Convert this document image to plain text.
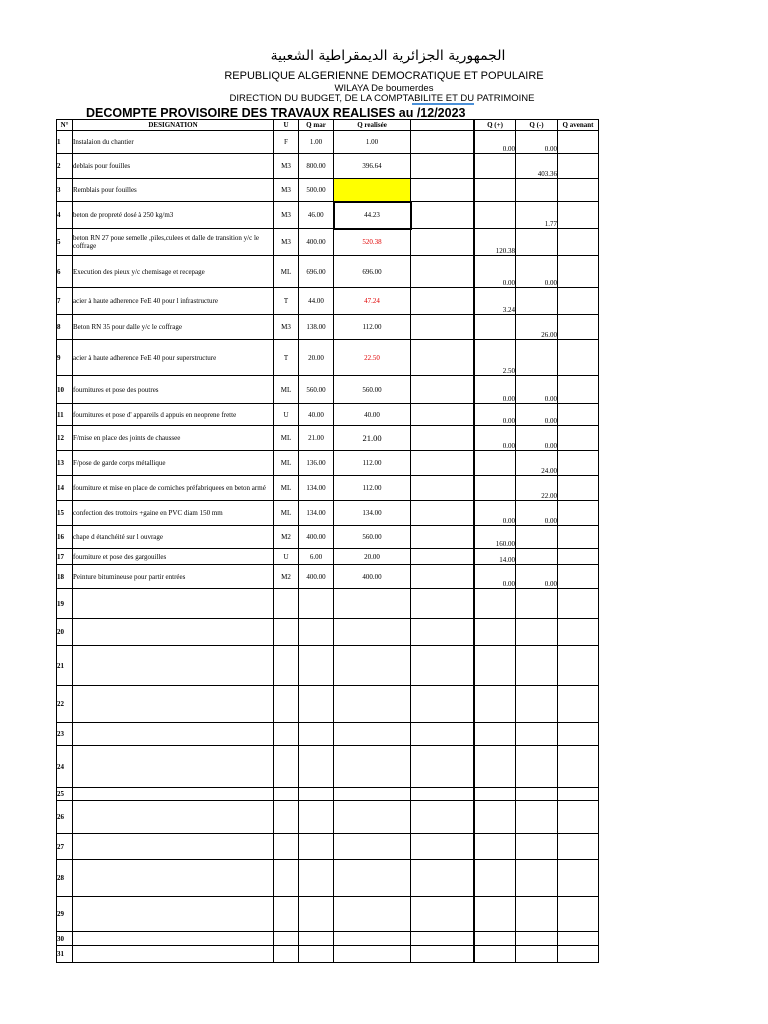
الجمهورية الجزائرية الديمقراطية الشعبية
REPUBLIQUE ALGERIENNE DEMOCRATIQUE ET POPULAIRE
WILAYA De boumerdes
DIRECTION DU BUDGET, DE LA COMPTABILITE ET DU PATRIMOINE
DECOMPTE PROVISOIRE DES TRAVAUX REALISES au /12/2023
N°	DESIGNATION	U	Q mar	Q realisée			Q (+)	Q (-)	Q avenant
1	Instalaion du chantier	F	1.00	1.00			0.00	0.00	
2	deblais pour fouilles	M3	800.00	396.64				403.36	
3	Remblais pour fouilles	M3	500.00						
4	beton de propreté dosé à 250 kg/m3	M3	46.00	44.23				1.77	
5	beton RN 27 poue semelle ,piles,culees et dalle de transition y/c le coffrage	M3	400.00	520.38			120.38		
6	Execution des pieux y/c chemisage et recepage	ML	696.00	696.00			0.00	0.00	
7	acier à haute adherence FeE 40 pour l infrastructure	T	44.00	47.24			3.24		
8	Beton RN 35 pour dalle y/c le coffrage	M3	138.00	112.00				26.00	
9	acier à haute adherence FeE 40 pour superstructure	T	20.00	22.50			2.50		
10	fournitures et pose des poutres	ML	560.00	560.00			0.00	0.00	
11	fournitures et pose d' appareils d appuis en neoprene frette	U	40.00	40.00			0.00	0.00	
12	F/mise en place des joints de chaussee	ML	21.00	21.00			0.00	0.00	
13	F/pose de garde corps métallique	ML	136.00	112.00				24.00	
14	fourniture et mise en place de corniches préfabriquees en beton armé	ML	134.00	112.00				22.00	
15	confection des trottoirs +gaine en PVC diam 150 mm	ML	134.00	134.00			0.00	0.00	
16	chape d étanchéité sur l ouvrage	M2	400.00	560.00			160.00		
17	fourniture et pose des gargouilles	U	6.00	20.00			14.00		
18	Peinture bitumineuse pour partir entrées	M2	400.00	400.00			0.00	0.00	
19									
20									
21									
22									
23									
24									
25									
26									
27									
28									
29									
30									
31									
